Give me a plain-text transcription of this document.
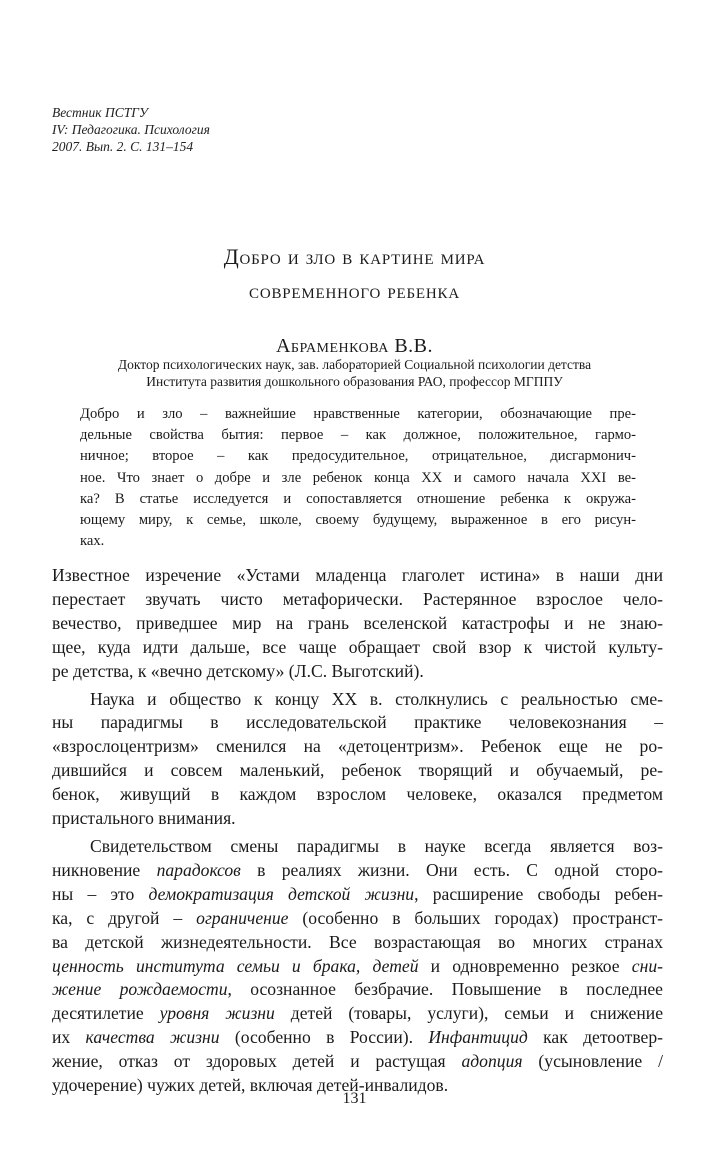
Вестник ПСТГУ
IV: Педагогика. Психология
2007. Вып. 2. С. 131–154
Добро и зло в картине мира
современного ребенка
Абраменкова В.В.
Доктор психологических наук, зав. лабораторией Социальной психологии детства
Института развития дошкольного образования РАО, профессор МГППУ
Добро и зло – важнейшие нравственные категории, обозначающие пре-
дельные свойства бытия: первое – как должное, положительное, гармо-
ничное; второе – как предосудительное, отрицательное, дисгармонич-
ное. Что знает о добре и зле ребенок конца XX и самого начала XXI ве-
ка? В статье исследуется и сопоставляется отношение ребенка к окружа-
ющему миру, к семье, школе, своему будущему, выраженное в его рисун-
ках.
Известное изречение «Устами младенца глаголет истина» в наши дни
перестает звучать чисто метафорически. Растерянное взрослое чело-
вечество, приведшее мир на грань вселенской катастрофы и не знаю-
щее, куда идти дальше, все чаще обращает свой взор к чистой культу-
ре детства, к «вечно детскому» (Л.С. Выготский).
Наука и общество к концу XX в. столкнулись с реальностью сме-
ны парадигмы в исследовательской практике человекознания –
«взрослоцентризм» сменился на «детоцентризм». Ребенок еще не ро-
дившийся и совсем маленький, ребенок творящий и обучаемый, ре-
бенок, живущий в каждом взрослом человеке, оказался предметом
пристального внимания.
Свидетельством смены парадигмы в науке всегда является воз-
никновение парадоксов в реалиях жизни. Они есть. С одной сторо-
ны – это демократизация детской жизни, расширение свободы ребен-
ка, с другой – ограничение (особенно в больших городах) пространст-
ва детской жизнедеятельности. Все возрастающая во многих странах
ценность института семьи и брака, детей и одновременно резкое сни-
жение рождаемости, осознанное безбрачие. Повышение в последнее
десятилетие уровня жизни детей (товары, услуги), семьи и снижение
их качества жизни (особенно в России). Инфантицид как детоотвер-
жение, отказ от здоровых детей и растущая адопция (усыновление /
удочерение) чужих детей, включая детей-инвалидов.
131
